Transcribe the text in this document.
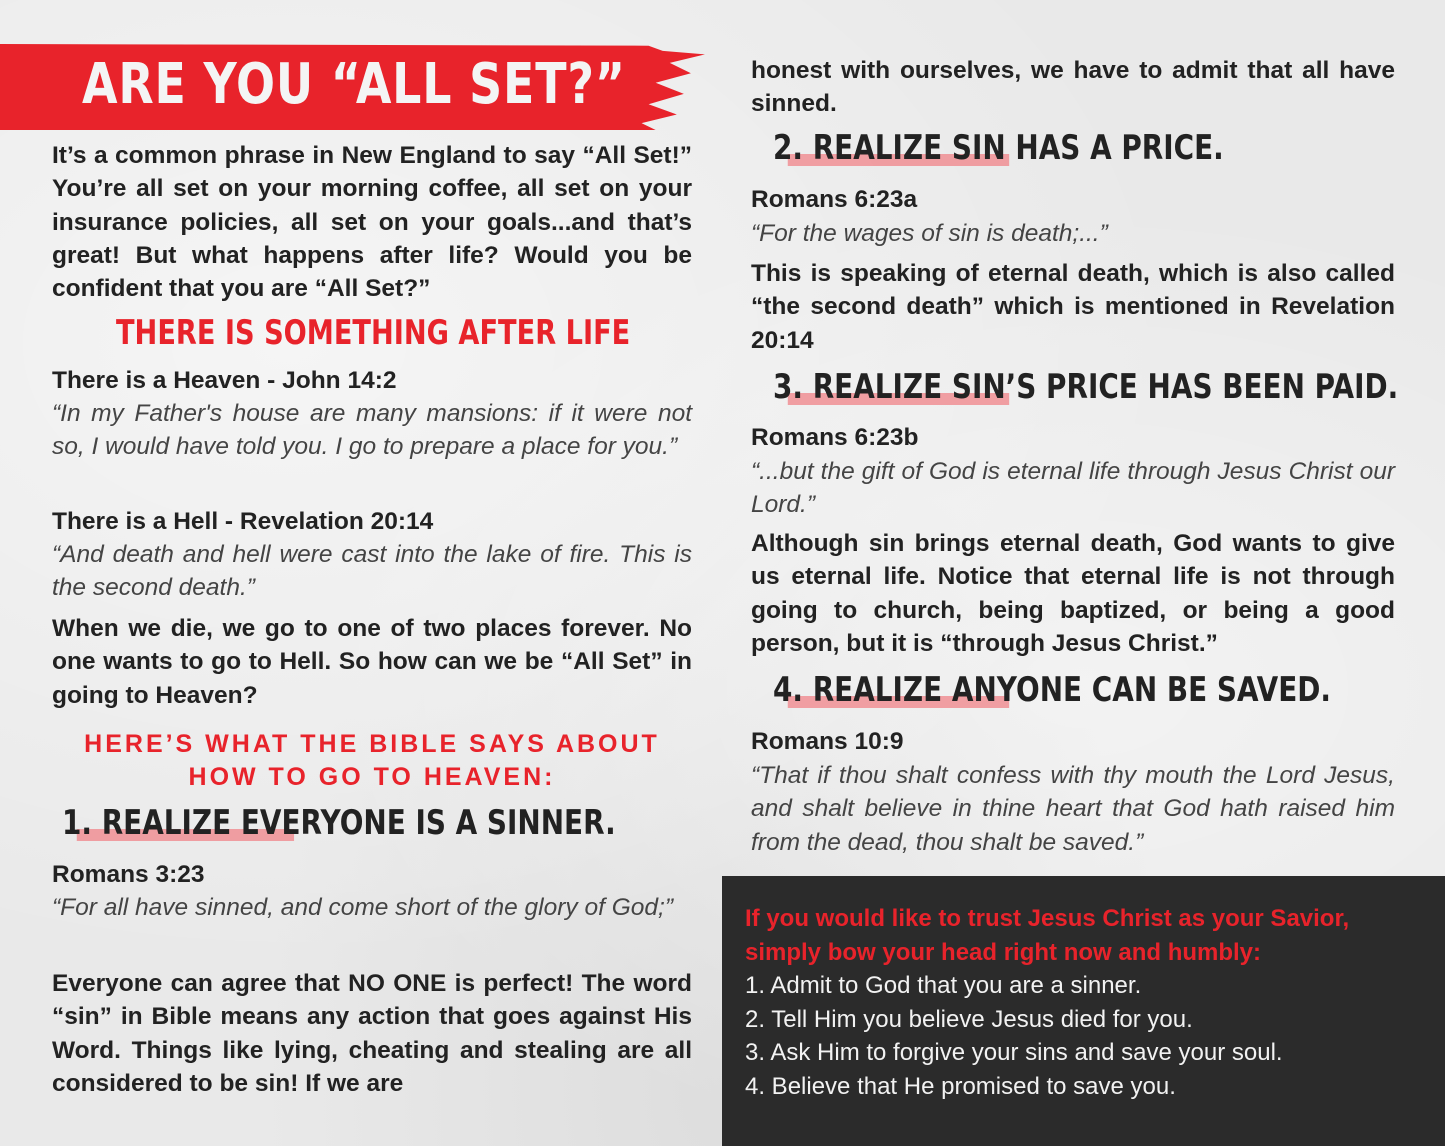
ARE YOU “ALL SET?”

It’s a common phrase in New England to say “All Set!” You’re all set on your morning coffee, all set on your insurance policies, all set on your goals...and that’s great! But what happens after life? Would you be confident that you are “All Set?”

THERE IS SOMETHING AFTER LIFE

There is a Heaven - John 14:2

“In my Father's house are many mansions: if it were not so, I would have told you. I go to prepare a place for you.”

There is a Hell - Revelation 20:14

“And death and hell were cast into the lake of fire. This is the second death.”

When we die, we go to one of two places forever. No one wants to go to Hell. So how can we be “All Set” in going to Heaven?

HERE’S WHAT THE BIBLE SAYS ABOUT
HOW TO GO TO HEAVEN:
1. REALIZE EVERYONE IS A SINNER.

Romans 3:23

“For all have sinned, and come short of the glory of God;”

Everyone can agree that NO ONE is perfect! The word “sin” in Bible means any action that goes against His Word. Things like lying, cheating and stealing are all considered to be sin! If we are

honest with ourselves, we have to admit that all have sinned.

2. REALIZE SIN HAS A PRICE.

Romans 6:23a

“For the wages of sin is death;...”

This is speaking of eternal death, which is also called “the second death” which is mentioned in Revelation 20:14

3. REALIZE SIN’S PRICE HAS BEEN PAID.

Romans 6:23b

“...but the gift of God is eternal life through Jesus Christ our Lord.”

Although sin brings eternal death, God wants to give us eternal life. Notice that eternal life is not through going to church, being baptized, or being a good person, but it is “through Jesus Christ.”

4. REALIZE ANYONE CAN BE SAVED.

Romans 10:9

“That if thou shalt confess with thy mouth the Lord Jesus, and shalt believe in thine heart that God hath raised him from the dead, thou shalt be saved.”

If you would like to trust Jesus Christ as your Savior, simply bow your head right now and humbly:
1. Admit to God that you are a sinner.
2. Tell Him you believe Jesus died for you.
3. Ask Him to forgive your sins and save your soul.
4. Believe that He promised to save you.
